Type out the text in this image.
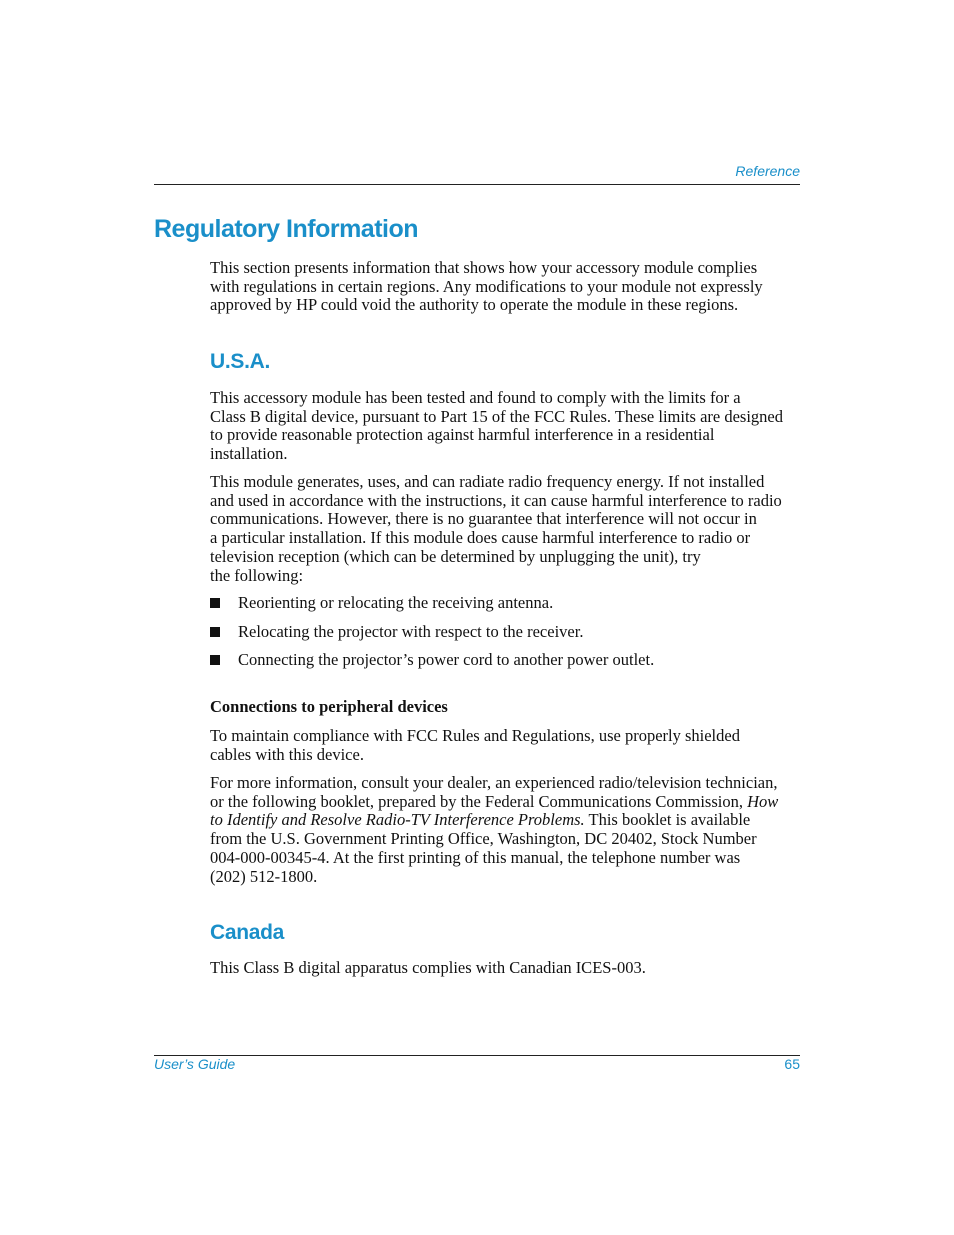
Reference
Regulatory Information

This section presents information that shows how your accessory module complies
with regulations in certain regions. Any modifications to your module not expressly
approved by HP could void the authority to operate the module in these regions.

U.S.A.

This accessory module has been tested and found to comply with the limits for a
Class B digital device, pursuant to Part 15 of the FCC Rules. These limits are designed
to provide reasonable protection against harmful interference in a residential
installation.

This module generates, uses, and can radiate radio frequency energy. If not installed
and used in accordance with the instructions, it can cause harmful interference to radio
communications. However, there is no guarantee that interference will not occur in
a particular installation. If this module does cause harmful interference to radio or
television reception (which can be determined by unplugging the unit), try
the following:

Reorienting or relocating the receiving antenna.
Relocating the projector with respect to the receiver.
Connecting the projector’s power cord to another power outlet.
Connections to peripheral devices

To maintain compliance with FCC Rules and Regulations, use properly shielded
cables with this device.

For more information, consult your dealer, an experienced radio/television technician,
or the following booklet, prepared by the Federal Communications Commission, How
to Identify and Resolve Radio-TV Interference Problems. This booklet is available
from the U.S. Government Printing Office, Washington, DC 20402, Stock Number
004-000-00345-4. At the first printing of this manual, the telephone number was
(202) 512-1800.

Canada

This Class B digital apparatus complies with Canadian ICES-003.

User’s Guide	65
